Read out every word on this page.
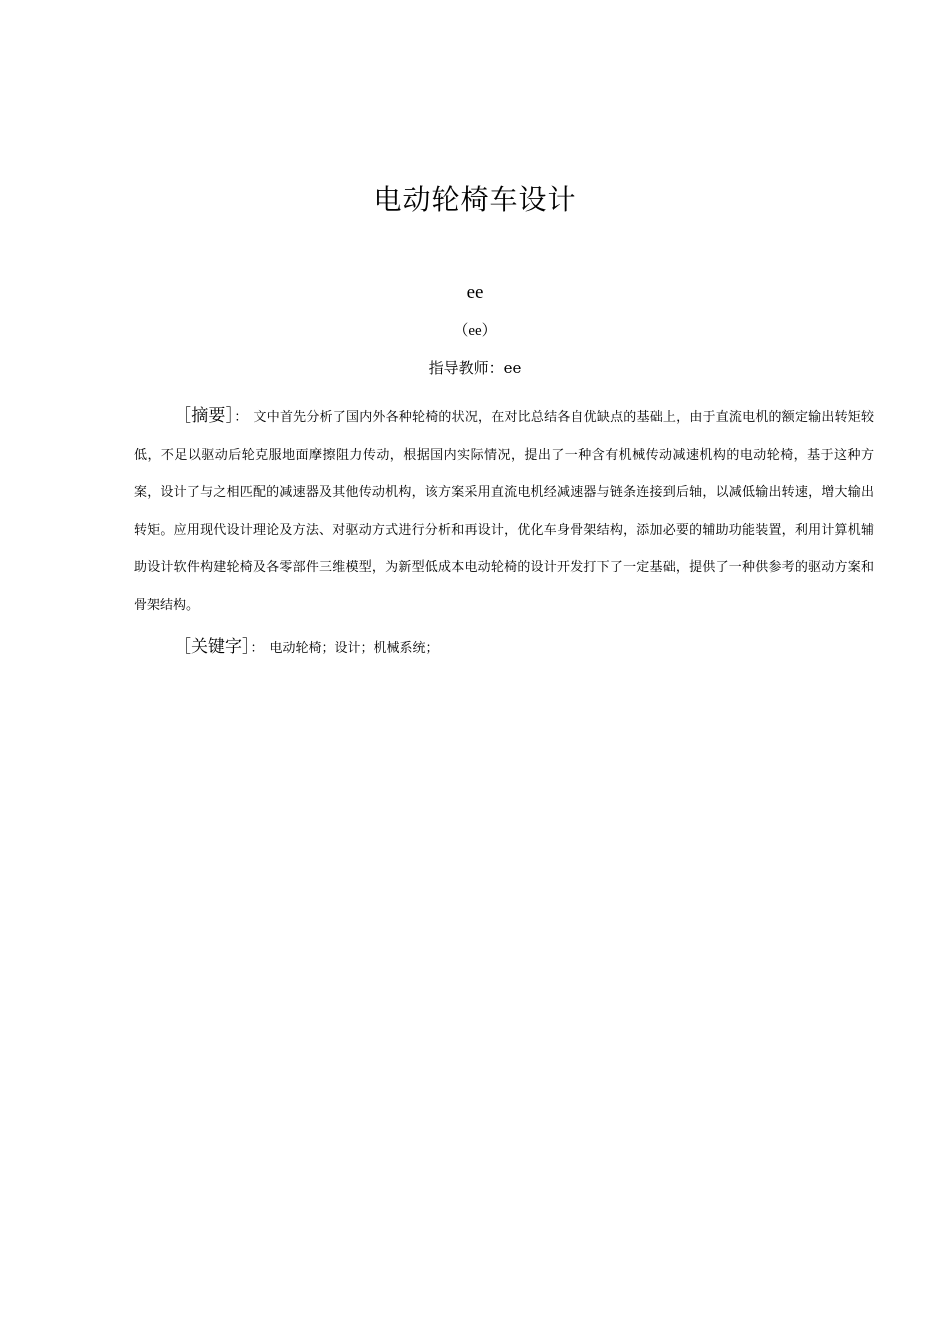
电动轮椅车设计
ee
（ee）
指导教师：ee
［摘要］： 文中首先分析了国内外各种轮椅的状况，在对比总结各自优缺点的基础上，由于直流电机的额定输出转矩较低，不足以驱动后轮克服地面摩擦阻力传动，根据国内实际情况，提出了一种含有机械传动减速机构的电动轮椅，基于这种方案，设计了与之相匹配的减速器及其他传动机构，该方案采用直流电机经减速器与链条连接到后轴，以减低输出转速，增大输出转矩。应用现代设计理论及方法、对驱动方式进行分析和再设计，优化车身骨架结构，添加必要的辅助功能装置，利用计算机辅助设计软件构建轮椅及各零部件三维模型，为新型低成本电动轮椅的设计开发打下了一定基础，提供了一种供参考的驱动方案和骨架结构。
［关键字］： 电动轮椅；设计；机械系统；
